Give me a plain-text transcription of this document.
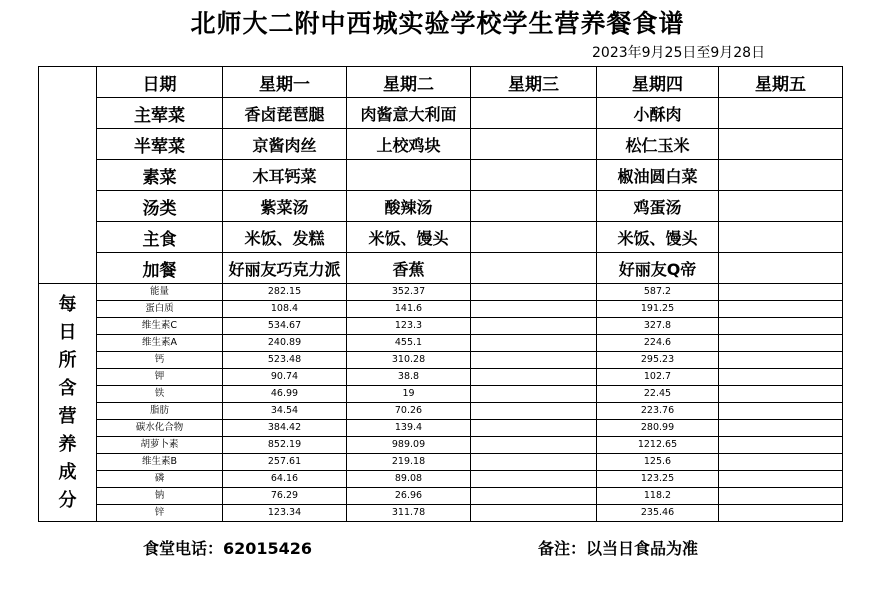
北师大二附中西城实验学校学生营养餐食谱
2023年9月25日至9月28日
	日期	星期一	星期二	星期三	星期四	星期五
	主荤菜	香卤琵琶腿	肉酱意大利面		小酥肉	
	半荤菜	京酱肉丝	上校鸡块		松仁玉米	
	素菜	木耳钙菜			椒油圆白菜	
	汤类	紫菜汤	酸辣汤		鸡蛋汤	
	主食	米饭、发糕	米饭、馒头		米饭、馒头	
	加餐	好丽友巧克力派	香蕉		好丽友Q帝	
每日所含营养成分	能量	282.15	352.37		587.2	
	蛋白质	108.4	141.6		191.25	
	维生素C	534.67	123.3		327.8	
	维生素A	240.89	455.1		224.6	
	钙	523.48	310.28		295.23	
	钾	90.74	38.8		102.7	
	铁	46.99	19		22.45	
	脂肪	34.54	70.26		223.76	
	碳水化合物	384.42	139.4		280.99	
	胡萝卜素	852.19	989.09		1212.65	
	维生素B	257.61	219.18		125.6	
	磷	64.16	89.08		123.25	
	钠	76.29	26.96		118.2	
	锌	123.34	311.78		235.46	
食堂电话：62015426	备注：以当日食品为准
